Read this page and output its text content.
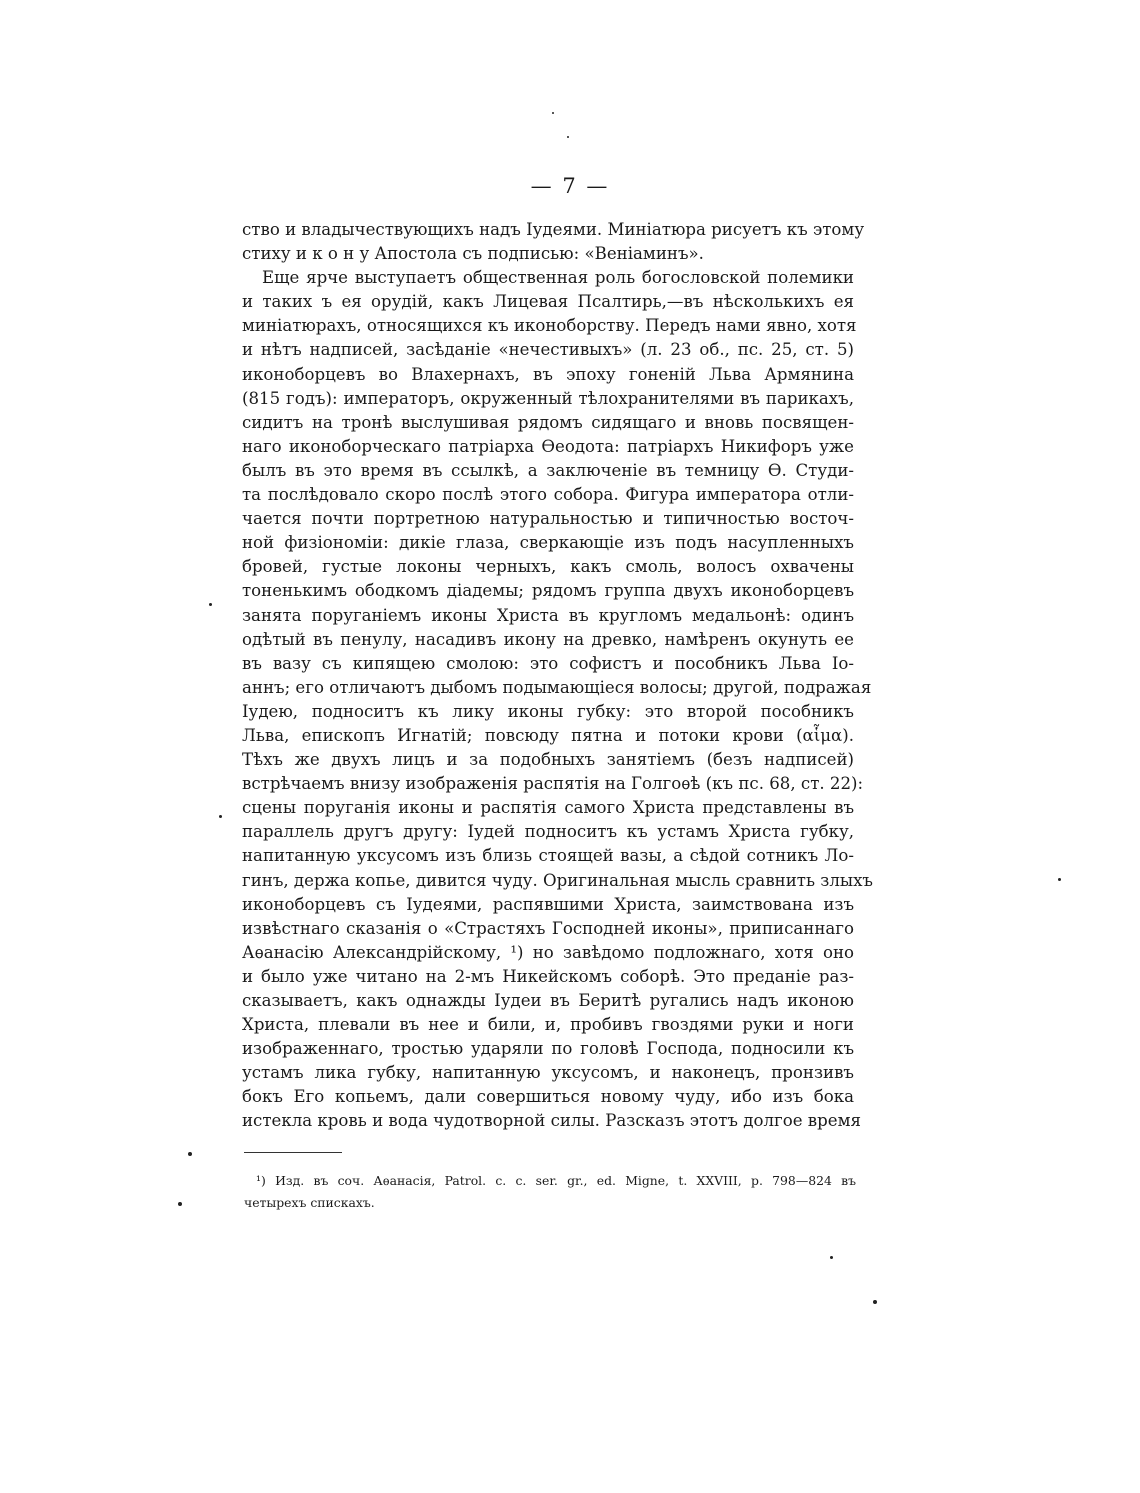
— 7 —
ство и владычествующихъ надъ Іудеями. Миніатюра рисуетъ къ этому
стиху и к о н у Апостола съ подписью: «Веніаминъ».
Еще ярче выступаетъ общественная роль богословской полемики
и таких ъ ея орудій, какъ Лицевая Псалтирь,—въ нѣсколькихъ ея
миніатюрахъ, относящихся къ иконоборству. Передъ нами явно, хотя
и нѣтъ надписей, засѣданіе «нечестивыхъ» (л. 23 об., пс. 25, ст. 5)
иконоборцевъ во Влахернахъ, въ эпоху гоненій Льва Армянина
(815 годъ): императоръ, окруженный тѣлохранителями въ парикахъ,
сидитъ на тронѣ выслушивая рядомъ сидящаго и вновь посвящен-
наго иконоборческаго патріарха Ѳеодота: патріархъ Никифоръ уже
былъ въ это время въ ссылкѣ, а заключеніе въ темницу Ѳ. Студи-
та послѣдовало скоро послѣ этого собора. Фигура императора отли-
чается почти портретною натуральностью и типичностью восточ-
ной физіономіи: дикіе глаза, сверкающіе изъ подъ насупленныхъ
бровей, густые локоны черныхъ, какъ смоль, волосъ охвачены
тоненькимъ ободкомъ діадемы; рядомъ группа двухъ иконоборцевъ
занята поруганіемъ иконы Христа въ кругломъ медальонѣ: одинъ
одѣтый въ пенулу, насадивъ икону на древко, намѣренъ окунуть ее
въ вазу съ кипящею смолою: это софистъ и пособникъ Льва Іо-
аннъ; его отличаютъ дыбомъ подымающіеся волосы; другой, подражая
Іудею, подноситъ къ лику иконы губку: это второй пособникъ
Льва, епископъ Игнатій; повсюду пятна и потоки крови (αἷμα).
Тѣхъ же двухъ лицъ и за подобныхъ занятіемъ (безъ надписей)
встрѣчаемъ внизу изображенія распятія на Голгоѳѣ (къ пс. 68, ст. 22):
сцены поруганія иконы и распятія самого Христа представлены въ
параллель другъ другу: Іудей подноситъ къ устамъ Христа губку,
напитанную уксусомъ изъ близь стоящей вазы, а сѣдой сотникъ Ло-
гинъ, держа копье, дивится чуду. Оригинальная мысль сравнить злыхъ
иконоборцевъ съ Іудеями, распявшими Христа, заимствована изъ
извѣстнаго сказанія о «Страстяхъ Господней иконы», приписаннаго
Аѳанасію Александрійскому, ¹) но завѣдомо подложнаго, хотя оно
и было уже читано на 2-мъ Никейскомъ соборѣ. Это преданіе раз-
сказываетъ, какъ однажды Іудеи въ Беритѣ ругались надъ иконою
Христа, плевали въ нее и били, и, пробивъ гвоздями руки и ноги
изображеннаго, тростью ударяли по головѣ Господа, подносили къ
устамъ лика губку, напитанную уксусомъ, и наконецъ, пронзивъ
бокъ Его копьемъ, дали совершиться новому чуду, ибо изъ бока
истекла кровь и вода чудотворной силы. Разсказъ этотъ долгое время
¹) Изд. въ соч. Аѳанасія, Patrol. c. c. ser. gr., ed. Migne, t. XXVIII, p. 798—824 въ
четырехъ спискахъ.
